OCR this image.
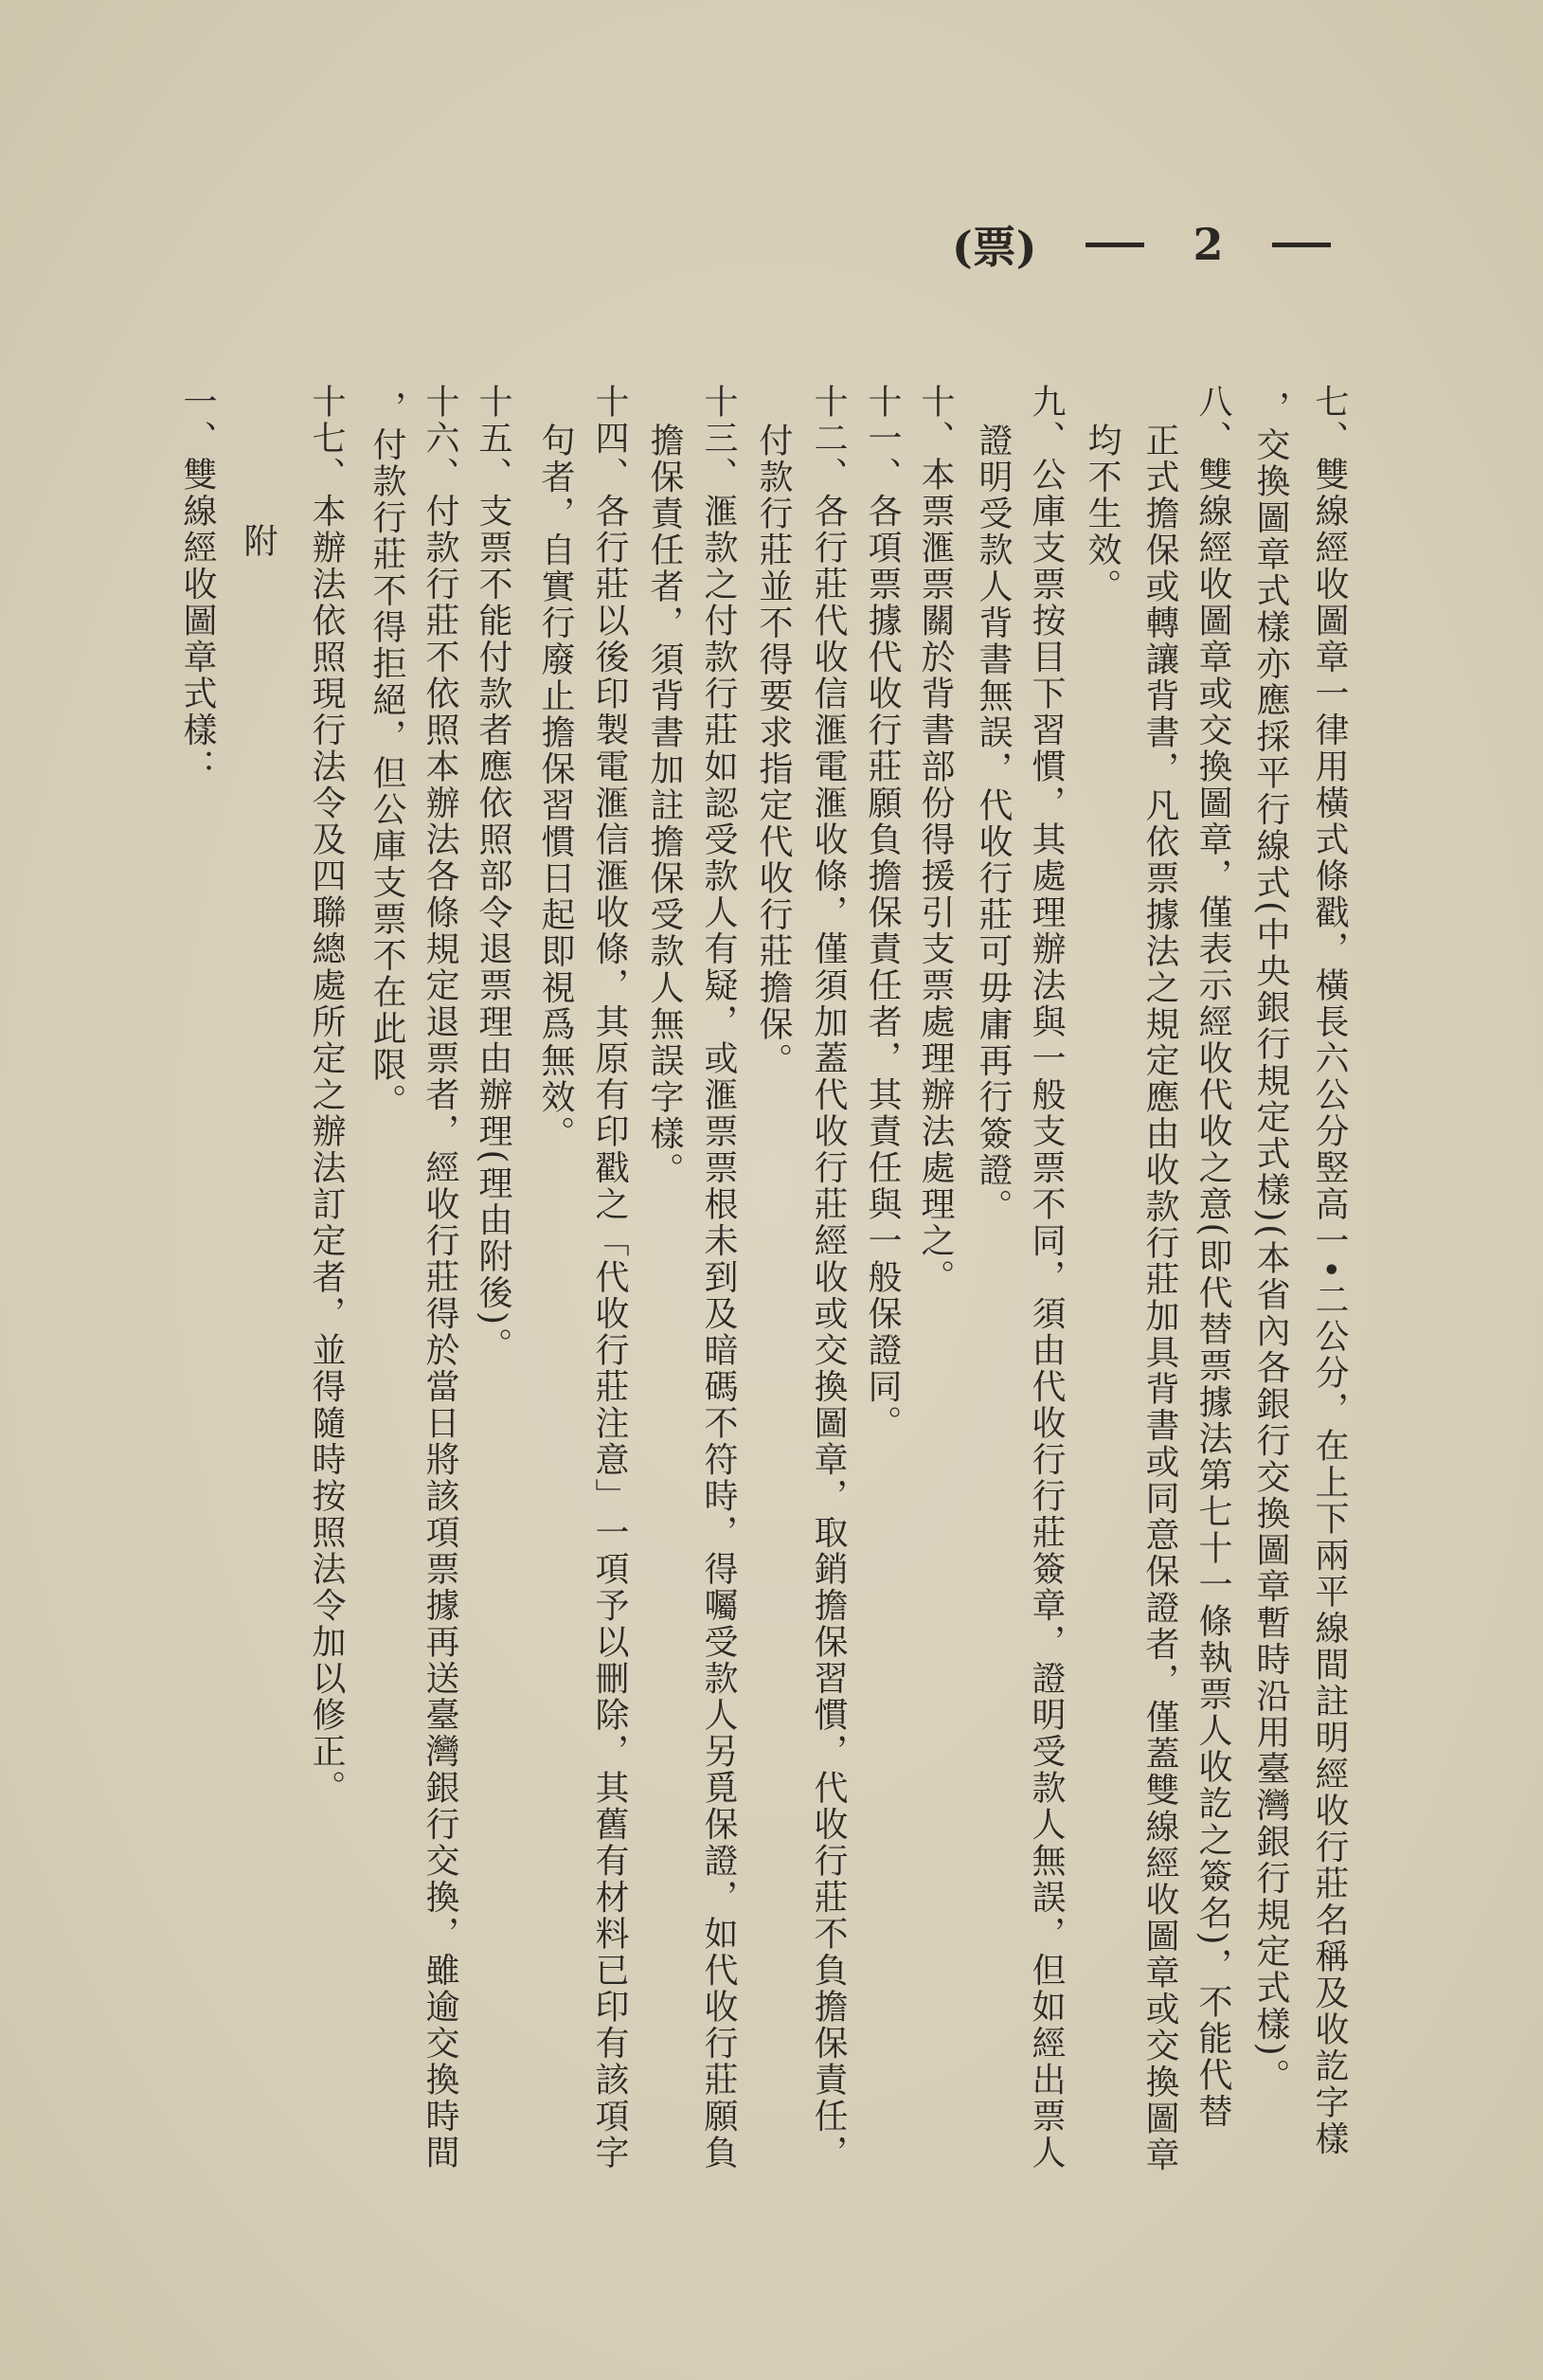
(票)	2
七、雙線經收圖章一律用橫式條戳，橫長六公分竪高一•二公分，在上下兩平線間註明經收行莊名稱及收訖字樣
，交換圖章式樣亦應採平行線式(中央銀行規定式樣)(本省內各銀行交換圖章暫時沿用臺灣銀行規定式樣)。
八、雙線經收圖章或交換圖章，僅表示經收代收之意(即代替票據法第七十一條執票人收訖之簽名)，不能代替
正式擔保或轉讓背書，凡依票據法之規定應由收款行莊加具背書或同意保證者，僅蓋雙線經收圖章或交換圖章
均不生效。
九、公庫支票按目下習慣，其處理辦法與一般支票不同，須由代收行行莊簽章，證明受款人無誤，但如經出票人
證明受款人背書無誤，代收行莊可毋庸再行簽證。
十、本票滙票關於背書部份得援引支票處理辦法處理之。
十一、各項票據代收行莊願負擔保責任者，其責任與一般保證同。
十二、各行莊代收信滙電滙收條，僅須加蓋代收行莊經收或交換圖章，取銷擔保習慣，代收行莊不負擔保責任，
付款行莊並不得要求指定代收行莊擔保。
十三、滙款之付款行莊如認受款人有疑，或滙票票根未到及暗碼不符時，得囑受款人另覓保證，如代收行莊願負
擔保責任者，須背書加註擔保受款人無誤字樣。
十四、各行莊以後印製電滙信滙收條，其原有印戳之「代收行莊注意」一項予以刪除，其舊有材料已印有該項字
句者，自實行廢止擔保習慣日起即視爲無效。
十五、支票不能付款者應依照部令退票理由辦理(理由附後)。
十六、付款行莊不依照本辦法各條規定退票者，經收行莊得於當日將該項票據再送臺灣銀行交換，雖逾交換時間
，付款行莊不得拒絕，但公庫支票不在此限。
十七、本辦法依照現行法令及四聯總處所定之辦法訂定者，並得隨時按照法令加以修正。
附
一、雙線經收圖章式樣：
